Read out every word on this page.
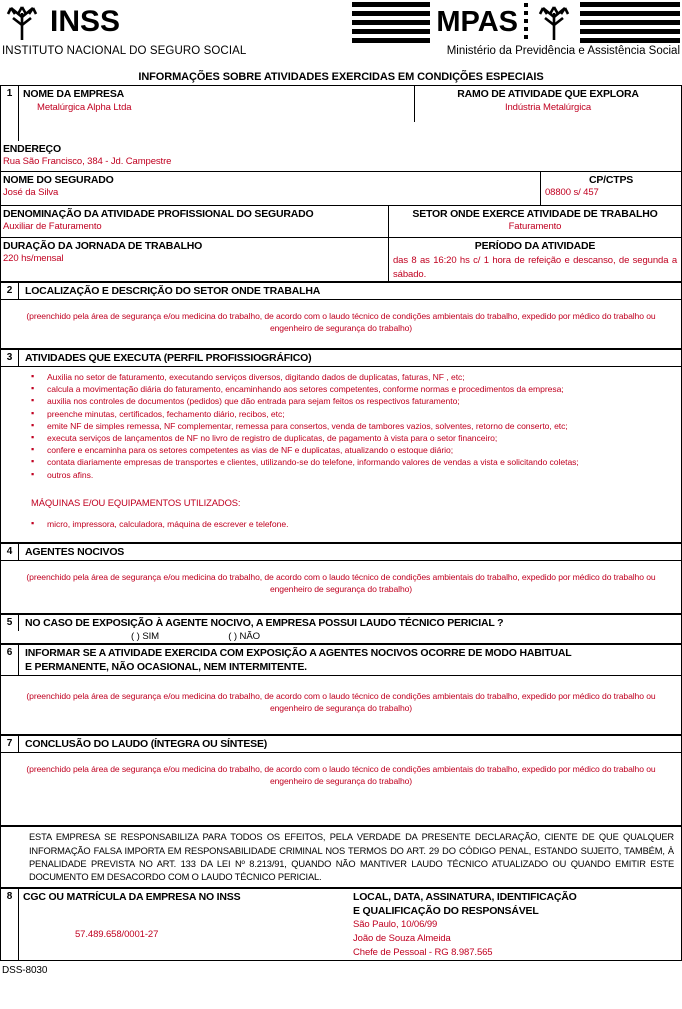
INSS
INSTITUTO NACIONAL DO SEGURO SOCIAL
MPAS
Ministério da Previdência e Assistência Social
INFORMAÇÕES SOBRE ATIVIDADES EXERCIDAS EM CONDIÇÕES ESPECIAIS
1	NOME DA EMPRESA
Metalúrgica Alpha Ltda
RAMO DE ATIVIDADE QUE EXPLORA
Indústria Metalúrgica
ENDEREÇO
Rua São Francisco, 384 - Jd. Campestre
NOME DO SEGURADO
José da Silva
CP/CTPS
08800 s/ 457
DENOMINAÇÃO DA ATIVIDADE PROFISSIONAL DO SEGURADO
Auxiliar de Faturamento
SETOR ONDE EXERCE ATIVIDADE DE TRABALHO
Faturamento
DURAÇÃO DA JORNADA DE TRABALHO
220 hs/mensal
PERÍODO DA ATIVIDADE
das 8 as 16:20 hs c/ 1 hora de refeição e descanso, de segunda a sábado.
2	LOCALIZAÇÃO E DESCRIÇÃO DO SETOR ONDE TRABALHA
(preenchido pela área de segurança e/ou medicina do trabalho, de acordo com o laudo técnico de condições ambientais do trabalho, expedido por médico do trabalho ou engenheiro de segurança do trabalho)
3	ATIVIDADES QUE EXECUTA (PERFIL PROFISSIOGRÁFICO)
▪ Auxilia no setor de faturamento, executando serviços diversos, digitando dados de duplicatas, faturas, NF , etc;
▪ calcula a movimentação diária do faturamento, encaminhando aos setores competentes, conforme normas e procedimentos da empresa;
▪ auxilia nos controles de documentos (pedidos) que dão entrada para sejam feitos os respectivos faturamento;
▪ preenche minutas, certificados, fechamento diário, recibos, etc;
▪ emite NF de simples remessa, NF complementar, remessa para consertos, venda de tambores vazios, solventes, retorno de conserto, etc;
▪ executa serviços de lançamentos de NF no livro de registro de duplicatas, de pagamento à vista para o setor financeiro;
▪ confere e encaminha para os setores competentes as vias de NF e duplicatas, atualizando o estoque diário;
▪ contata diariamente empresas de transportes e clientes, utilizando-se do telefone, informando valores de vendas a vista e solicitando coletas;
▪ outros afins.
MÁQUINAS E/OU EQUIPAMENTOS UTILIZADOS:
▪ micro, impressora, calculadora, máquina de escrever e telefone.
4	AGENTES NOCIVOS
(preenchido pela área de segurança e/ou medicina do trabalho, de acordo com o laudo técnico de condições ambientais do trabalho, expedido por médico do trabalho ou engenheiro de segurança do trabalho)
5	NO CASO DE EXPOSIÇÃO À AGENTE NOCIVO, A EMPRESA POSSUI LAUDO TÉCNICO PERICIAL ?
( ) SIM	( ) NÃO
6	INFORMAR SE A ATIVIDADE EXERCIDA COM EXPOSIÇÃO A AGENTES NOCIVOS OCORRE DE MODO HABITUAL
E PERMANENTE, NÃO OCASIONAL, NEM INTERMITENTE.
(preenchido pela área de segurança e/ou medicina do trabalho, de acordo com o laudo técnico de condições ambientais do trabalho, expedido por médico do trabalho ou engenheiro de segurança do trabalho)
7	CONCLUSÃO DO LAUDO (ÍNTEGRA OU SÍNTESE)
(preenchido pela área de segurança e/ou medicina do trabalho, de acordo com o laudo técnico de condições ambientais do trabalho, expedido por médico do trabalho ou engenheiro de segurança do trabalho)
ESTA EMPRESA SE RESPONSABILIZA PARA TODOS OS EFEITOS, PELA VERDADE DA PRESENTE DECLARAÇÃO, CIENTE DE QUE QUALQUER INFORMAÇÃO FALSA IMPORTA EM RESPONSABILIDADE CRIMINAL NOS TERMOS DO ART. 29 DO CÓDIGO PENAL, ESTANDO SUJEITO, TAMBÉM, À PENALIDADE PREVISTA NO ART. 133 DA LEI Nº 8.213/91, QUANDO NÃO MANTIVER LAUDO TÉCNICO ATUALIZADO OU QUANDO EMITIR ESTE DOCUMENTO EM DESACORDO COM O LAUDO TÉCNICO PERICIAL.
8	CGC OU MATRÍCULA DA EMPRESA NO INSS
57.489.658/0001-27
LOCAL, DATA, ASSINATURA, IDENTIFICAÇÃO
E QUALIFICAÇÃO DO RESPONSÁVEL
São Paulo, 10/06/99
João de Souza Almeida
Chefe de Pessoal - RG 8.987.565
DSS-8030
